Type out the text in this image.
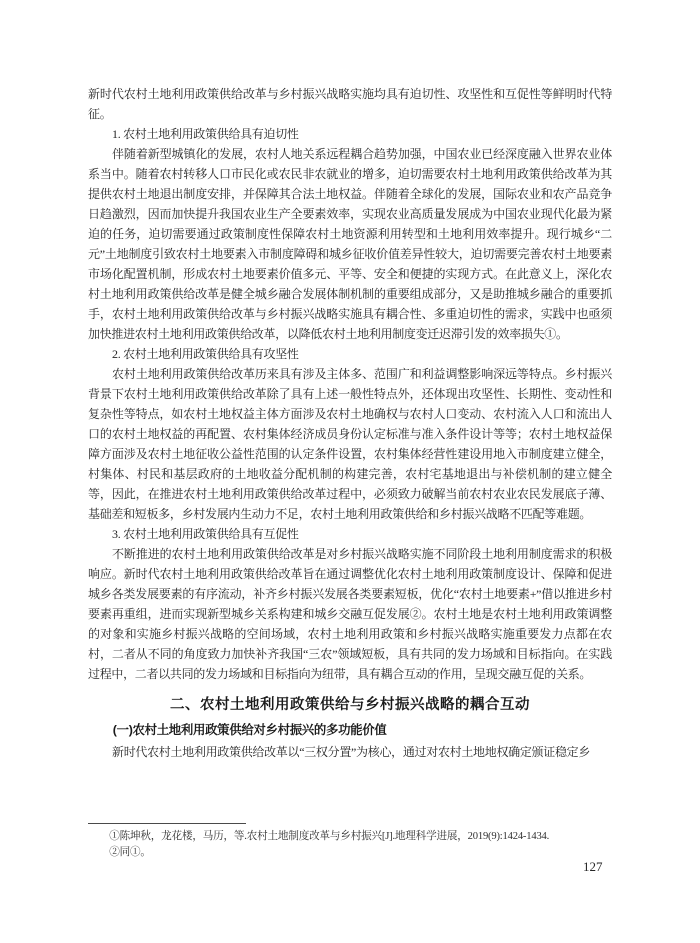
新时代农村土地利用政策供给改革与乡村振兴战略实施均具有迫切性、攻坚性和互促性等鲜明时代特征。

1. 农村土地利用政策供给具有迫切性

伴随着新型城镇化的发展，农村人地关系远程耦合趋势加强，中国农业已经深度融入世界农业体系当中。随着农村转移人口市民化或农民非农就业的增多，迫切需要农村土地利用政策供给改革为其提供农村土地退出制度安排，并保障其合法土地权益。伴随着全球化的发展，国际农业和农产品竞争日趋激烈，因而加快提升我国农业生产全要素效率，实现农业高质量发展成为中国农业现代化最为紧迫的任务，迫切需要通过政策制度性保障农村土地资源利用转型和土地利用效率提升。现行城乡“二元”土地制度引致农村土地要素入市制度障碍和城乡征收价值差异性较大，迫切需要完善农村土地要素市场化配置机制，形成农村土地要素价值多元、平等、安全和便捷的实现方式。在此意义上，深化农村土地利用政策供给改革是健全城乡融合发展体制机制的重要组成部分，又是助推城乡融合的重要抓手，农村土地利用政策供给改革与乡村振兴战略实施具有耦合性、多重迫切性的需求，实践中也亟须加快推进农村土地利用政策供给改革，以降低农村土地利用制度变迁迟滞引发的效率损失①。

2. 农村土地利用政策供给具有攻坚性

农村土地利用政策供给改革历来具有涉及主体多、范围广和利益调整影响深远等特点。乡村振兴背景下农村土地利用政策供给改革除了具有上述一般性特点外，还体现出攻坚性、长期性、变动性和复杂性等特点，如农村土地权益主体方面涉及农村土地确权与农村人口变动、农村流入人口和流出人口的农村土地权益的再配置、农村集体经济成员身份认定标准与准入条件设计等等；农村土地权益保障方面涉及农村土地征收公益性范围的认定条件设置，农村集体经营性建设用地入市制度建立健全，村集体、村民和基层政府的土地收益分配机制的构建完善，农村宅基地退出与补偿机制的建立健全等，因此，在推进农村土地利用政策供给改革过程中，必须致力破解当前农村农业农民发展底子薄、基础差和短板多，乡村发展内生动力不足，农村土地利用政策供给和乡村振兴战略不匹配等难题。

3. 农村土地利用政策供给具有互促性

不断推进的农村土地利用政策供给改革是对乡村振兴战略实施不同阶段土地利用制度需求的积极响应。新时代农村土地利用政策供给改革旨在通过调整优化农村土地利用政策制度设计、保障和促进城乡各类发展要素的有序流动，补齐乡村振兴发展各类要素短板，优化“农村土地要素+”借以推进乡村要素再重组，进而实现新型城乡关系构建和城乡交融互促发展②。农村土地是农村土地利用政策调整的对象和实施乡村振兴战略的空间场域，农村土地利用政策和乡村振兴战略实施重要发力点都在农村，二者从不同的角度致力加快补齐我国“三农”领域短板，具有共同的发力场域和目标指向。在实践过程中，二者以共同的发力场域和目标指向为纽带，具有耦合互动的作用，呈现交融互促的关系。

二、农村土地利用政策供给与乡村振兴战略的耦合互动

(一)农村土地利用政策供给对乡村振兴的多功能价值

新时代农村土地利用政策供给改革以“三权分置”为核心，通过对农村土地地权确定颁证稳定乡

①陈坤秋，龙花楼，马历，等.农村土地制度改革与乡村振兴[J].地理科学进展，2019(9):1424-1434.

②同①。

127
